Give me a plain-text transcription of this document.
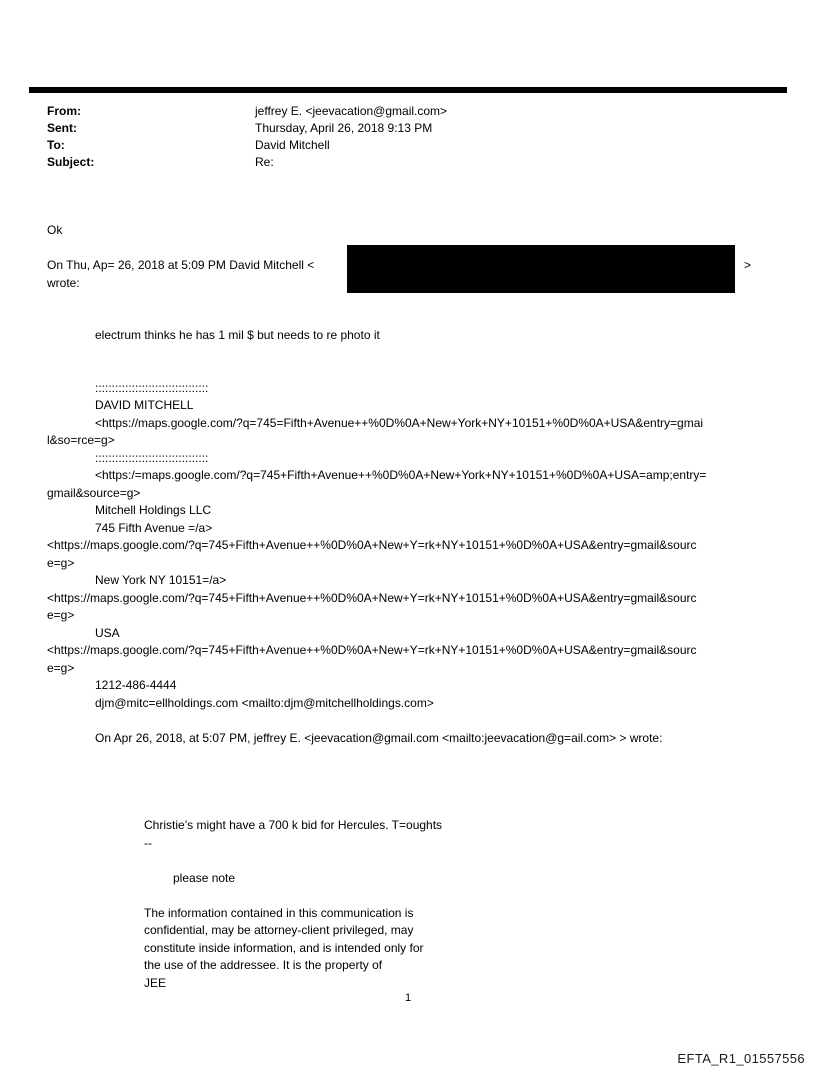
From:	jeffrey E. <jeevacation@gmail.com>
Sent:	Thursday, April 26, 2018 9:13 PM
To:	David Mitchell
Subject:	Re:
Ok
On Thu, Ap= 26, 2018 at 5:09 PM David Mitchell <	>
wrote:
electrum thinks he has 1 mil $ but needs to re photo it
::::::::::::::::::::::::::::::::::
DAVID MITCHELL
<https://maps.google.com/?q=745=Fifth+Avenue++%0D%0A+New+York+NY+10151+%0D%0A+USA&entry=gmai
l&so=rce=g>
::::::::::::::::::::::::::::::::::
<https:/=maps.google.com/?q=745+Fifth+Avenue++%0D%0A+New+York+NY+10151+%0D%0A+USA=amp;entry=
gmail&source=g>
Mitchell Holdings LLC
745 Fifth Avenue =/a>
<https://maps.google.com/?q=745+Fifth+Avenue++%0D%0A+New+Y=rk+NY+10151+%0D%0A+USA&entry=gmail&sourc
e=g>
New York NY 10151=/a>
<https://maps.google.com/?q=745+Fifth+Avenue++%0D%0A+New+Y=rk+NY+10151+%0D%0A+USA&entry=gmail&sourc
e=g>
USA
<https://maps.google.com/?q=745+Fifth+Avenue++%0D%0A+New+Y=rk+NY+10151+%0D%0A+USA&entry=gmail&sourc
e=g>
1212-486-4444
djm@mitc=ellholdings.com <mailto:djm@mitchellholdings.com>
On Apr 26, 2018, at 5:07 PM, jeffrey E. <jeevacation@gmail.com <mailto:jeevacation@g=ail.com> > wrote:
Christie’s might have a 700 k bid for Hercules. T=oughts
--
please note
The information contained in this communication is
confidential, may be attorney-client privileged, may
constitute inside information, and is intended only for
the use of the addressee. It is the property of
JEE
1
EFTA_R1_01557556
